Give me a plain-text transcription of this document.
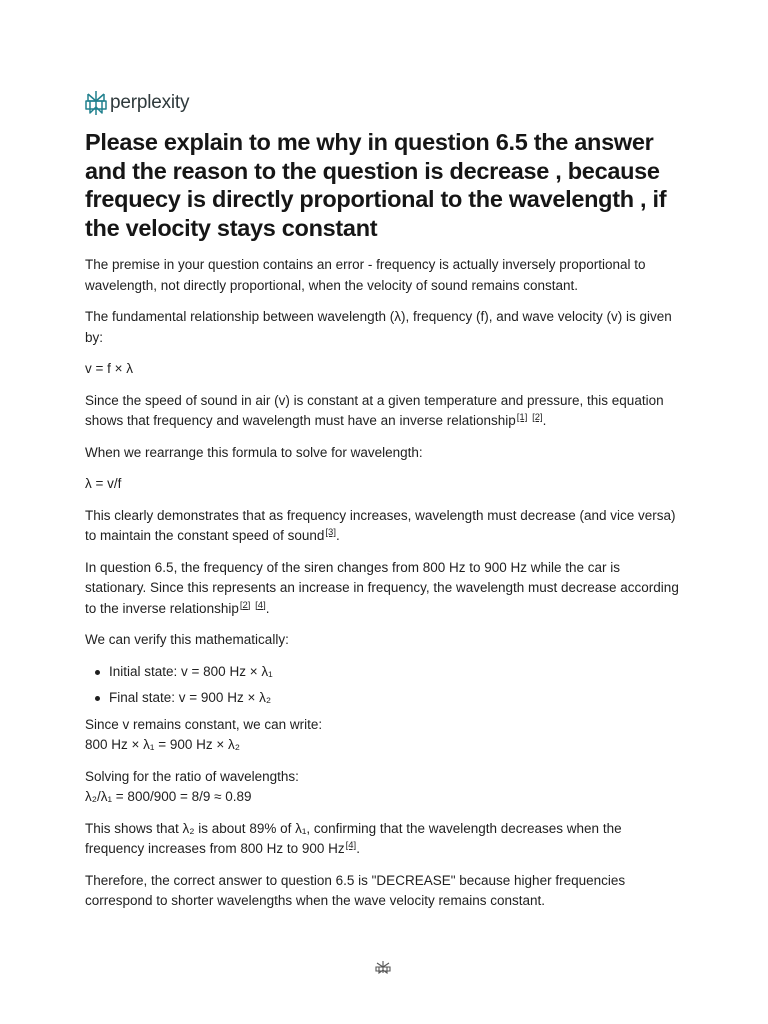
perplexity
Please explain to me why in question 6.5 the answer and the reason to the question is decrease , because frequecy is directly proportional to the wavelength , if the velocity stays constant

The premise in your question contains an error - frequency is actually inversely proportional to wavelength, not directly proportional, when the velocity of sound remains constant.

The fundamental relationship between wavelength (λ), frequency (f), and wave velocity (v) is given by:

v = f × λ

Since the speed of sound in air (v) is constant at a given temperature and pressure, this equation shows that frequency and wavelength must have an inverse relationship[1] [2].

When we rearrange this formula to solve for wavelength:

λ = v/f

This clearly demonstrates that as frequency increases, wavelength must decrease (and vice versa) to maintain the constant speed of sound[3].

In question 6.5, the frequency of the siren changes from 800 Hz to 900 Hz while the car is stationary. Since this represents an increase in frequency, the wavelength must decrease according to the inverse relationship[2] [4].

We can verify this mathematically:

Initial state: v = 800 Hz × λ₁
Final state: v = 900 Hz × λ₂

Since v remains constant, we can write:
800 Hz × λ₁ = 900 Hz × λ₂

Solving for the ratio of wavelengths:
λ₂/λ₁ = 800/900 = 8/9 ≈ 0.89

This shows that λ₂ is about 89% of λ₁, confirming that the wavelength decreases when the frequency increases from 800 Hz to 900 Hz[4].

Therefore, the correct answer to question 6.5 is "DECREASE" because higher frequencies correspond to shorter wavelengths when the wave velocity remains constant.
